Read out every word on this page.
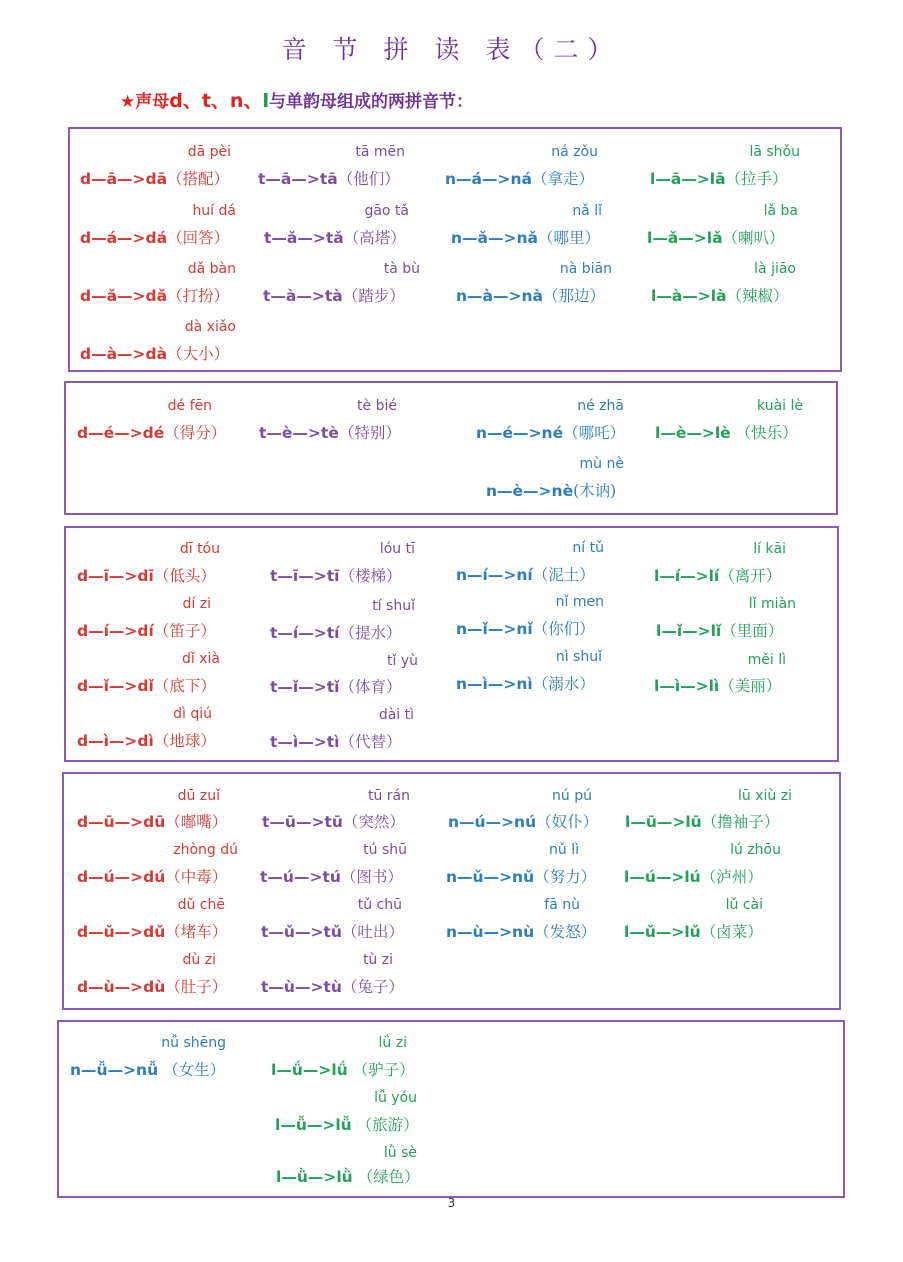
音 节 拼 读 表（二）
★声母d、t、n、l与单韵母组成的两拼音节：
dā pèi
d—ā—>dā（搭配）
tā mēn
t—ā—>tā（他们）
ná zǒu
n—á—>ná（拿走）
lā shǒu
l—ā—>lā（拉手）
huí dá
d—á—>dá（回答）
gāo tǎ
t—ǎ—>tǎ（高塔）
nǎ lǐ
n—ǎ—>nǎ（哪里）
lǎ ba
l—ǎ—>lǎ（喇叭）
dǎ bàn
d—ǎ—>dǎ（打扮）
tà bù
t—à—>tà（踏步）
nà biān
n—à—>nà（那边）
là jiāo
l—à—>là（辣椒）
dà xiǎo
d—à—>dà（大小）
dé fēn
d—é—>dé（得分）
tè bié
t—è—>tè（特别）
né zhā
n—é—>né（哪吒）
kuài lè
l—è—>lè （快乐）
mù nè
n—è—>nè(木讷)
dī tóu
d—ī—>dī（低头）
lóu tī
t—ī—>tī（楼梯）
ní tǔ
n—í—>ní（泥土）
lí kāi
l—í—>lí（离开）
dí zi
d—í—>dí（笛子）
tí shuǐ
t—í—>tí（提水）
nǐ men
n—ǐ—>nǐ（你们）
lǐ miàn
l—ǐ—>lǐ（里面）
dǐ xià
d—ǐ—>dǐ（底下）
tǐ yù
t—ǐ—>tǐ（体育）
nì shuǐ
n—ì—>nì（溺水）
měi lì
l—ì—>lì（美丽）
dì qiú
d—ì—>dì（地球）
dài tì
t—ì—>tì（代替）
dū zuǐ
d—ū—>dū（嘟嘴）
tū rán
t—ū—>tū（突然）
nú pú
n—ú—>nú（奴仆）
lū xiù zi
l—ū—>lū（撸袖子）
zhòng dú
d—ú—>dú（中毒）
tú shū
t—ú—>tú（图书）
nǔ lì
n—ǔ—>nǔ（努力）
lú zhōu
l—ú—>lú（泸州）
dǔ chē
d—ǔ—>dǔ（堵车）
tǔ chū
t—ǔ—>tǔ（吐出）
fā nù
n—ù—>nù（发怒）
lǔ cài
l—ǔ—>lǔ（卤菜）
dù zi
d—ù—>dù（肚子）
tù zi
t—ù—>tù（兔子）
nǚ shēng
n—ǚ—>nǚ （女生）
lǘ zi
l—ǘ—>lǘ （驴子）
lǚ yóu
l—ǚ—>lǚ （旅游）
lǜ sè
l—ǜ—>lǜ （绿色）
3
